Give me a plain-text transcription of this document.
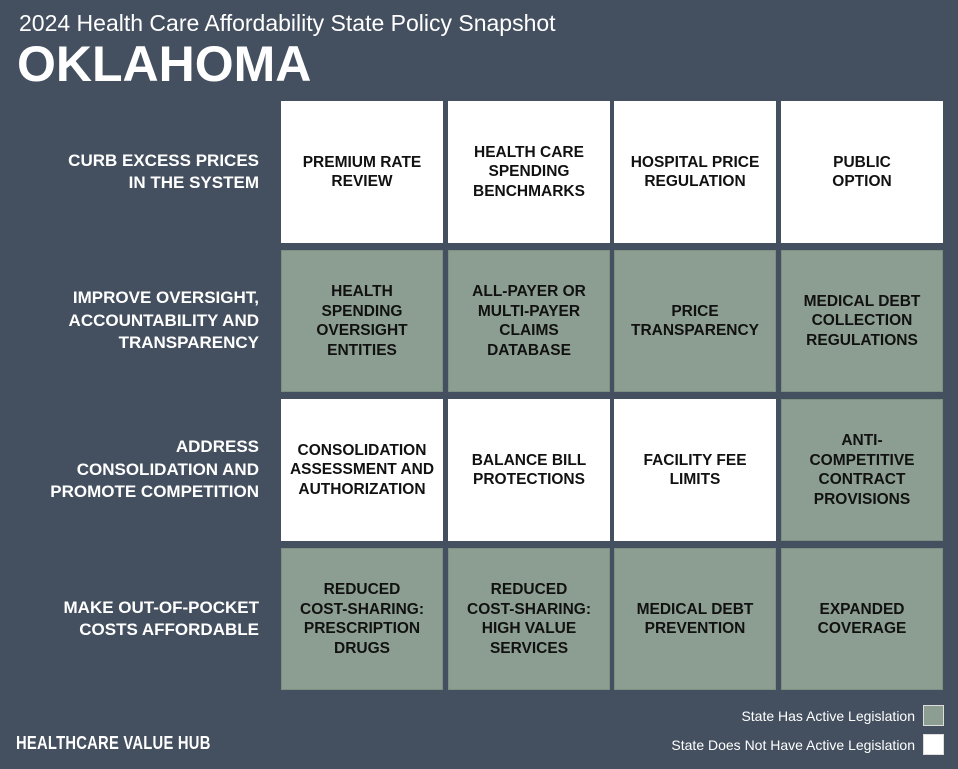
2024 Health Care Affordability State Policy Snapshot
OKLAHOMA
CURB EXCESS PRICES
IN THE SYSTEM
IMPROVE OVERSIGHT,
ACCOUNTABILITY AND
TRANSPARENCY
ADDRESS
CONSOLIDATION AND
PROMOTE COMPETITION
MAKE OUT-OF-POCKET
COSTS AFFORDABLE
PREMIUM RATE
REVIEW
HEALTH CARE
SPENDING
BENCHMARKS
HOSPITAL PRICE
REGULATION
PUBLIC
OPTION
HEALTH
SPENDING
OVERSIGHT
ENTITIES
ALL-PAYER OR
MULTI-PAYER
CLAIMS
DATABASE
PRICE
TRANSPARENCY
MEDICAL DEBT
COLLECTION
REGULATIONS
CONSOLIDATION
ASSESSMENT AND
AUTHORIZATION
BALANCE BILL
PROTECTIONS
FACILITY FEE
LIMITS
ANTI-
COMPETITIVE
CONTRACT
PROVISIONS
REDUCED
COST-SHARING:
PRESCRIPTION
DRUGS
REDUCED
COST-SHARING:
HIGH VALUE
SERVICES
MEDICAL DEBT
PREVENTION
EXPANDED
COVERAGE
State Has Active Legislation
State Does Not Have Active Legislation
HEALTHCARE VALUE HUB
